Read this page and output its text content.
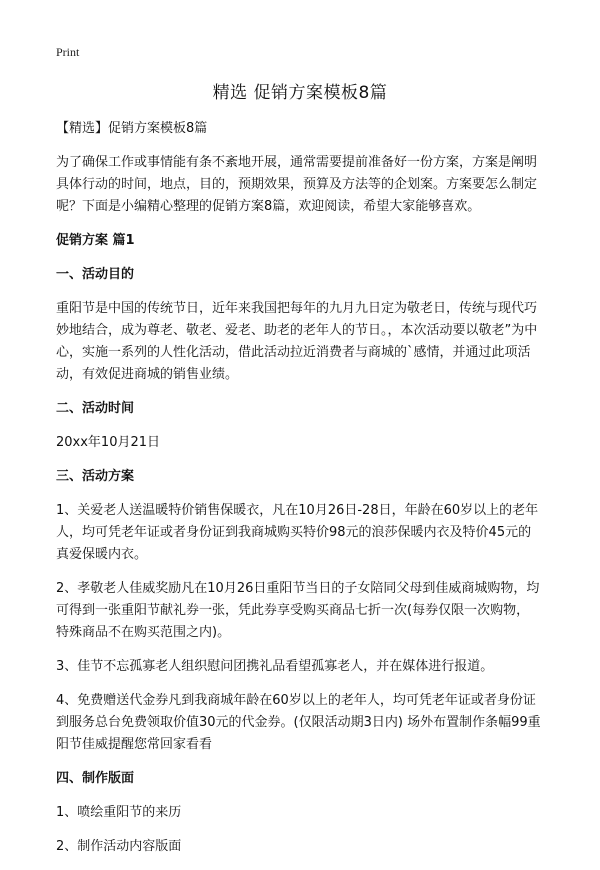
Print
精选 促销方案模板8篇

【精选】促销方案模板8篇

为了确保工作或事情能有条不紊地开展，通常需要提前准备好一份方案，方案是阐明具体行动的时间，地点，目的，预期效果，预算及方法等的企划案。方案要怎么制定呢？下面是小编精心整理的促销方案8篇，欢迎阅读，希望大家能够喜欢。

促销方案 篇1
一、活动目的

重阳节是中国的传统节日，近年来我国把每年的九月九日定为敬老日，传统与现代巧妙地结合，成为尊老、敬老、爱老、助老的老年人的节日。，本次活动要以敬老”为中心，实施一系列的人性化活动，借此活动拉近消费者与商城的`感情，并通过此项活动，有效促进商城的销售业绩。

二、活动时间

20xx年10月21日

三、活动方案

1、关爱老人送温暖特价销售保暖衣，凡在10月26日-28日，年龄在60岁以上的老年人，均可凭老年证或者身份证到我商城购买特价98元的浪莎保暖内衣及特价45元的真爱保暖内衣。

2、孝敬老人佳威奖励凡在10月26日重阳节当日的子女陪同父母到佳威商城购物，均可得到一张重阳节献礼券一张，凭此券享受购买商品七折一次(每券仅限一次购物，特殊商品不在购买范围之内)。

3、佳节不忘孤寡老人组织慰问团携礼品看望孤寡老人，并在媒体进行报道。

4、免费赠送代金券凡到我商城年龄在60岁以上的老年人，均可凭老年证或者身份证到服务总台免费领取价值30元的代金券。(仅限活动期3日内) 场外布置制作条幅99重阳节佳威提醒您常回家看看

四、制作版面

1、喷绘重阳节的来历

2、制作活动内容版面
